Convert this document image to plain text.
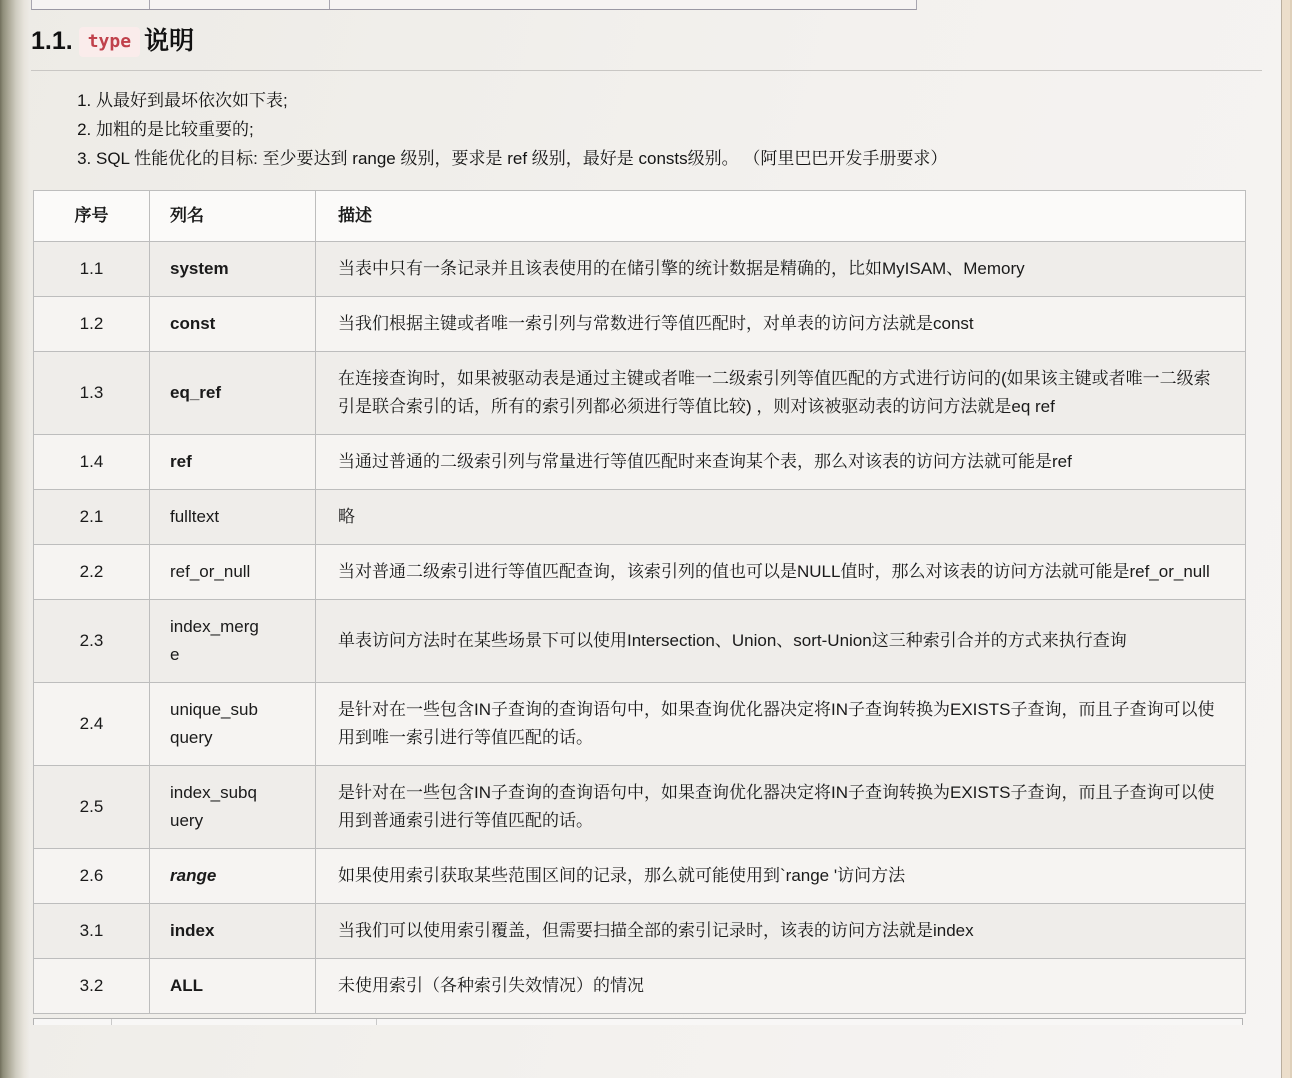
1.1. type 说明
1. 从最好到最坏依次如下表;
2. 加粗的是比较重要的;
3. SQL 性能优化的目标: 至少要达到 range 级别，要求是 ref 级别，最好是 consts级别。 （阿里巴巴开发手册要求）
序号	列名	描述
1.1	system	当表中只有一条记录并且该表使用的在储引擎的统计数据是精确的，比如MyISAM、Memory
1.2	const	当我们根据主键或者唯一索引列与常数进行等值匹配时，对单表的访问方法就是const
1.3	eq_ref	在连接查询时，如果被驱动表是通过主键或者唯一二级索引列等值匹配的方式进行访问的(如果该主键或者唯一二级索引是联合索引的话，所有的索引列都必须进行等值比较) ，则对该被驱动表的访问方法就是eq ref
1.4	ref	当通过普通的二级索引列与常量进行等值匹配时来查询某个表，那么对该表的访问方法就可能是ref
2.1	fulltext	略
2.2	ref_or_null	当对普通二级索引进行等值匹配查询，该索引列的值也可以是NULL值时，那么对该表的访问方法就可能是ref_or_null
2.3	index_merge	单表访问方法时在某些场景下可以使用Intersection、Union、sort-Union这三种索引合并的方式来执行查询
2.4	unique_subquery	是针对在一些包含IN子查询的查询语句中，如果查询优化器决定将IN子查询转换为EXISTS子查询，而且子查询可以使用到唯一索引进行等值匹配的话。
2.5	index_subquery	是针对在一些包含IN子查询的查询语句中，如果查询优化器决定将IN子查询转换为EXISTS子查询，而且子查询可以使用到普通索引进行等值匹配的话。
2.6	range	如果使用索引获取某些范围区间的记录，那么就可能使用到`range '访问方法
3.1	index	当我们可以使用索引覆盖，但需要扫描全部的索引记录时，该表的访问方法就是index
3.2	ALL	未使用索引（各种索引失效情况）的情况
